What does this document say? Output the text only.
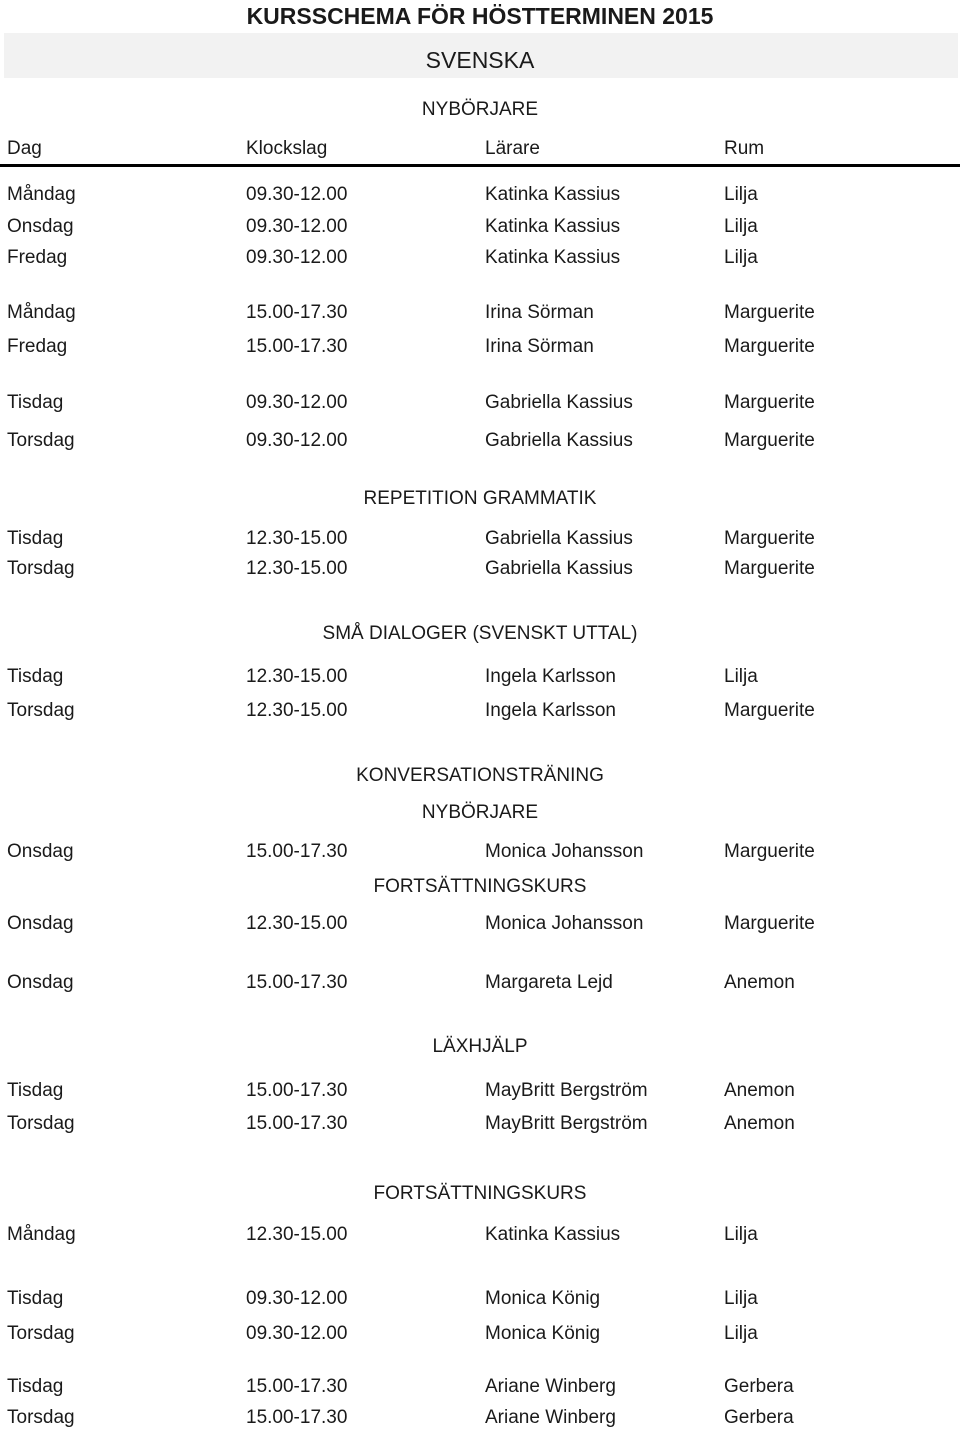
KURSSCHEMA FÖR HÖSTTERMINEN 2015
SVENSKA
NYBÖRJARE
Dag	Klockslag	Lärare	Rum
Måndag	09.30-12.00	Katinka Kassius	Lilja
Onsdag	09.30-12.00	Katinka Kassius	Lilja
Fredag	09.30-12.00	Katinka Kassius	Lilja
Måndag	15.00-17.30	Irina Sörman	Marguerite
Fredag	15.00-17.30	Irina Sörman	Marguerite
Tisdag	09.30-12.00	Gabriella Kassius	Marguerite
Torsdag	09.30-12.00	Gabriella Kassius	Marguerite
REPETITION GRAMMATIK
Tisdag	12.30-15.00	Gabriella Kassius	Marguerite
Torsdag	12.30-15.00	Gabriella Kassius	Marguerite
SMÅ DIALOGER (SVENSKT UTTAL)
Tisdag	12.30-15.00	Ingela Karlsson	Lilja
Torsdag	12.30-15.00	Ingela Karlsson	Marguerite
KONVERSATIONSTRÄNING
NYBÖRJARE
Onsdag	15.00-17.30	Monica Johansson	Marguerite
FORTSÄTTNINGSKURS
Onsdag	12.30-15.00	Monica Johansson	Marguerite
Onsdag	15.00-17.30	Margareta Lejd	Anemon
LÄXHJÄLP
Tisdag	15.00-17.30	MayBritt Bergström	Anemon
Torsdag	15.00-17.30	MayBritt Bergström	Anemon
FORTSÄTTNINGSKURS
Måndag	12.30-15.00	Katinka Kassius	Lilja
Tisdag	09.30-12.00	Monica König	Lilja
Torsdag	09.30-12.00	Monica König	Lilja
Tisdag	15.00-17.30	Ariane Winberg	Gerbera
Torsdag	15.00-17.30	Ariane Winberg	Gerbera
